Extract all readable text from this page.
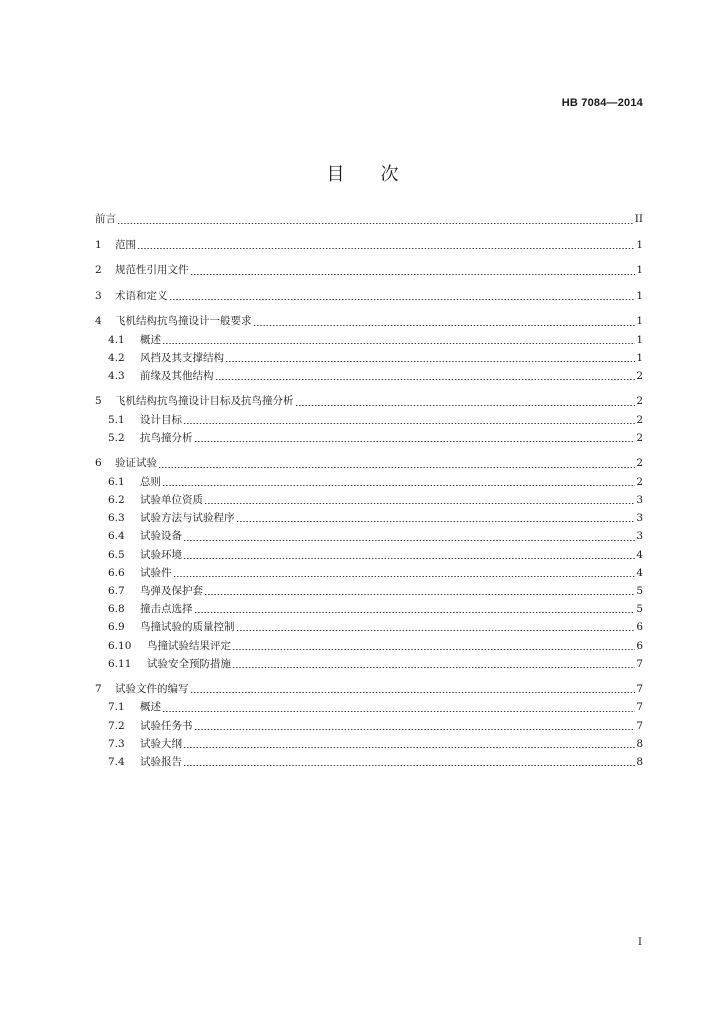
HB 7084—2014
目次
前言	II
1	范围	1
2	规范性引用文件	1
3	术语和定义	1
4	飞机结构抗鸟撞设计一般要求	1
4.1	概述	1
4.2	风挡及其支撑结构	1
4.3	前缘及其他结构	2
5	飞机结构抗鸟撞设计目标及抗鸟撞分析	2
5.1	设计目标	2
5.2	抗鸟撞分析	2
6	验证试验	2
6.1	总则	2
6.2	试验单位资质	3
6.3	试验方法与试验程序	3
6.4	试验设备	3
6.5	试验环境	4
6.6	试验件	4
6.7	鸟弹及保护套	5
6.8	撞击点选择	5
6.9	鸟撞试验的质量控制	6
6.10	鸟撞试验结果评定	6
6.11	试验安全预防措施	7
7	试验文件的编写	7
7.1	概述	7
7.2	试验任务书	7
7.3	试验大纲	8
7.4	试验报告	8
I
